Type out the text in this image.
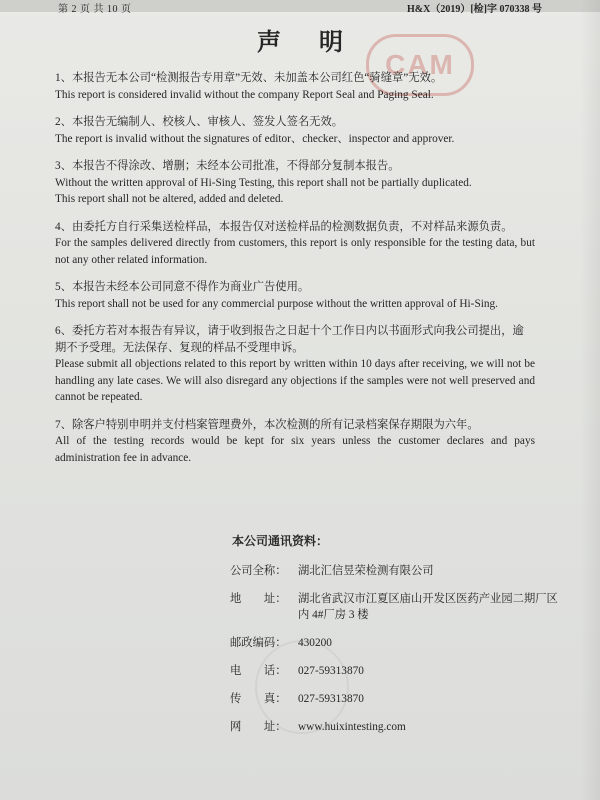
第 2 页 共 10 页	H&X（2019）[检]字 070338 号
声明
CAM

1、本报告无本公司“检测报告专用章”无效、未加盖本公司红色“骑缝章”无效。

This report is considered invalid without the company Report Seal and Paging Seal.

2、本报告无编制人、校核人、审核人、签发人签名无效。

The report is invalid without the signatures of editor、checker、inspector and approver.

3、本报告不得涂改、增删；未经本公司批准，不得部分复制本报告。

Without the written approval of Hi-Sing Testing, this report shall not be partially duplicated.

This report shall not be altered, added and deleted.

4、由委托方自行采集送检样品，本报告仅对送检样品的检测数据负责，不对样品来源负责。

For the samples delivered directly from customers, this report is only responsible for the testing data, but not any other related information.

5、本报告未经本公司同意不得作为商业广告使用。

This report shall not be used for any commercial purpose without the written approval of Hi-Sing.

6、委托方若对本报告有异议，请于收到报告之日起十个工作日内以书面形式向我公司提出，逾期不予受理。无法保存、复现的样品不受理申诉。

Please submit all objections related to this report by written within 10 days after receiving, we will not be handling any late cases. We will also disregard any objections if the samples were not well preserved and cannot be repeated.

7、除客户特别申明并支付档案管理费外，本次检测的所有记录档案保存期限为六年。

All of the testing records would be kept for six years unless the customer declares and pays administration fee in advance.

本公司通讯资料：
公司全称：	湖北汇信昱荣检测有限公司
地　　址：	湖北省武汉市江夏区庙山开发区医药产业园二期厂区内 4#厂房 3 楼
邮政编码：	430200
电　　话：	027-59313870
传　　真：	027-59313870
网　　址：	www.huixintesting.com
